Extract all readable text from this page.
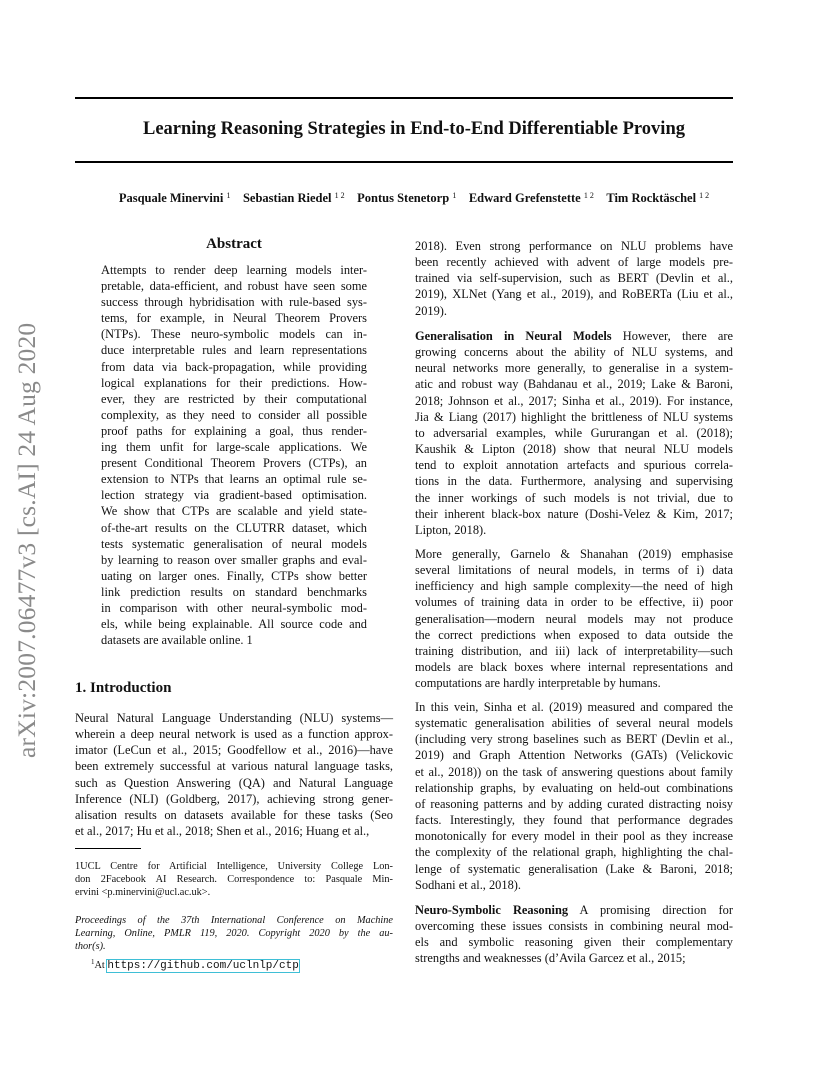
Learning Reasoning Strategies in End-to-End Differentiable Proving
Pasquale Minervini $^1$  Sebastian Riedel $^{1 2}$  Pontus Stenetorp $^1$  Edward Grefenstette $^{1 2}$  Tim Rocktäschel $^{1 2}$
arXiv:2007.06477v3 [cs.AI] 24 Aug 2020
Abstract
Attempts to render deep learning models inter-
pretable, data-efficient, and robust have seen some
success through hybridisation with rule-based sys-
tems, for example, in Neural Theorem Provers
(NTPs). These neuro-symbolic models can in-
duce interpretable rules and learn representations
from data via back-propagation, while providing
logical explanations for their predictions. How-
ever, they are restricted by their computational
complexity, as they need to consider all possible
proof paths for explaining a goal, thus render-
ing them unfit for large-scale applications. We
present Conditional Theorem Provers (CTPs), an
extension to NTPs that learns an optimal rule se-
lection strategy via gradient-based optimisation.
We show that CTPs are scalable and yield state-
of-the-art results on the CLUTRR dataset, which
tests systematic generalisation of neural models
by learning to reason over smaller graphs and eval-
uating on larger ones. Finally, CTPs show better
link prediction results on standard benchmarks
in comparison with other neural-symbolic mod-
els, while being explainable. All source code and
datasets are available online. 1
1. Introduction
Neural Natural Language Understanding (NLU) systems—
wherein a deep neural network is used as a function approx-
imator (LeCun et al., 2015; Goodfellow et al., 2016)—have
been extremely successful at various natural language tasks,
such as Question Answering (QA) and Natural Language
Inference (NLI) (Goldberg, 2017), achieving strong gener-
alisation results on datasets available for these tasks (Seo
et al., 2017; Hu et al., 2018; Shen et al., 2016; Huang et al.,
1UCL Centre for Artificial Intelligence, University College Lon-
don 2Facebook AI Research. Correspondence to: Pasquale Min-
ervini <p.minervini@ucl.ac.uk>.
Proceedings of the 37th International Conference on Machine
Learning, Online, PMLR 119, 2020. Copyright 2020 by the au-
thor(s).
$^1$At https://github.com/uclnlp/ctp
2018). Even strong performance on NLU problems have
been recently achieved with advent of large models pre-
trained via self-supervision, such as BERT (Devlin et al.,
2019), XLNet (Yang et al., 2019), and RoBERTa (Liu et al.,
2019).
Generalisation in Neural Models However, there are
growing concerns about the ability of NLU systems, and
neural networks more generally, to generalise in a system-
atic and robust way (Bahdanau et al., 2019; Lake & Baroni,
2018; Johnson et al., 2017; Sinha et al., 2019). For instance,
Jia & Liang (2017) highlight the brittleness of NLU systems
to adversarial examples, while Gururangan et al. (2018);
Kaushik & Lipton (2018) show that neural NLU models
tend to exploit annotation artefacts and spurious correla-
tions in the data. Furthermore, analysing and supervising
the inner workings of such models is not trivial, due to
their inherent black-box nature (Doshi-Velez & Kim, 2017;
Lipton, 2018).
More generally, Garnelo & Shanahan (2019) emphasise
several limitations of neural models, in terms of i) data
inefficiency and high sample complexity—the need of high
volumes of training data in order to be effective, ii) poor
generalisation—modern neural models may not produce
the correct predictions when exposed to data outside the
training distribution, and iii) lack of interpretability—such
models are black boxes where internal representations and
computations are hardly interpretable by humans.
In this vein, Sinha et al. (2019) measured and compared the
systematic generalisation abilities of several neural models
(including very strong baselines such as BERT (Devlin et al.,
2019) and Graph Attention Networks (GATs) (Velickovic
et al., 2018)) on the task of answering questions about family
relationship graphs, by evaluating on held-out combinations
of reasoning patterns and by adding curated distracting noisy
facts. Interestingly, they found that performance degrades
monotonically for every model in their pool as they increase
the complexity of the relational graph, highlighting the chal-
lenge of systematic generalisation (Lake & Baroni, 2018;
Sodhani et al., 2018).
Neuro-Symbolic Reasoning A promising direction for
overcoming these issues consists in combining neural mod-
els and symbolic reasoning given their complementary
strengths and weaknesses (d’Avila Garcez et al., 2015;
